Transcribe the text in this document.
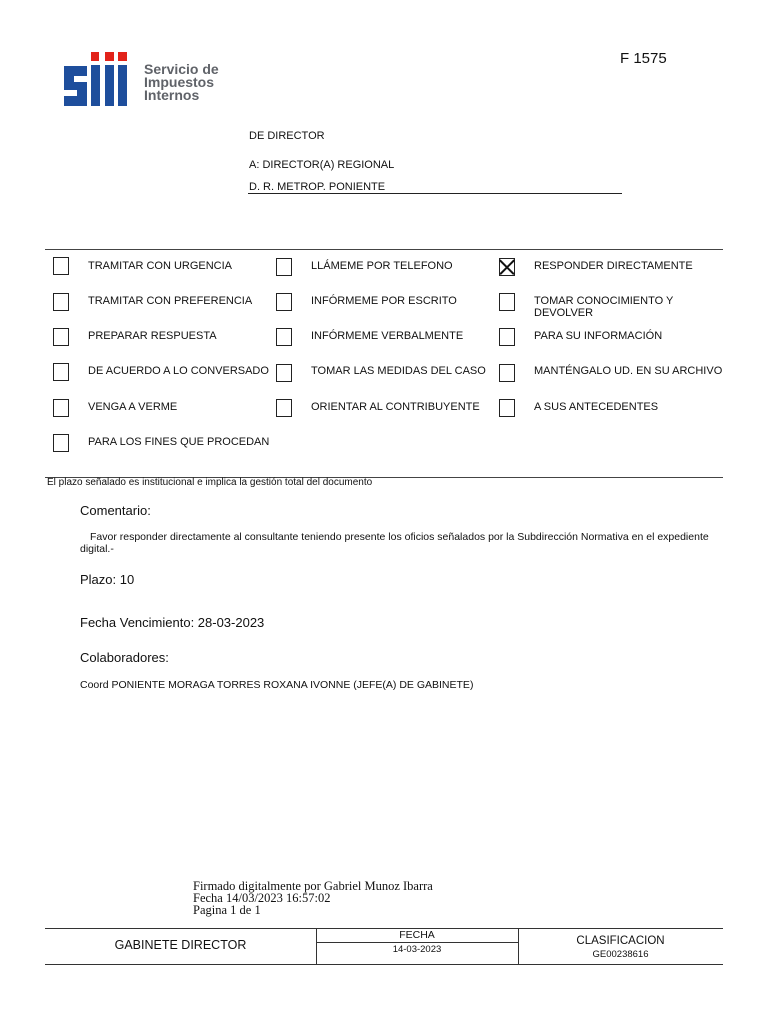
Servicio de
Impuestos
Internos
F 1575
DE DIRECTOR
A: DIRECTOR(A) REGIONAL
D. R. METROP. PONIENTE
TRAMITAR CON URGENCIA
TRAMITAR CON PREFERENCIA
PREPARAR RESPUESTA
DE ACUERDO A LO CONVERSADO
VENGA A VERME
PARA LOS FINES QUE PROCEDAN
LLÁMEME POR TELEFONO
INFÓRMEME POR ESCRITO
INFÓRMEME VERBALMENTE
TOMAR LAS MEDIDAS DEL CASO
ORIENTAR AL CONTRIBUYENTE
RESPONDER DIRECTAMENTE
TOMAR CONOCIMIENTO Y
DEVOLVER
PARA SU INFORMACIÓN
MANTÉNGALO UD. EN SU ARCHIVO
A SUS ANTECEDENTES
El plazo señalado es institucional e implica la gestión total del documento
Comentario:
Favor responder directamente al consultante teniendo presente los oficios señalados por la Subdirección Normativa en el expediente digital.-
Plazo: 10
Fecha Vencimiento: 28-03-2023
Colaboradores:
Coord PONIENTE MORAGA TORRES ROXANA IVONNE (JEFE(A) DE GABINETE)
Firmado digitalmente por Gabriel Munoz Ibarra
Fecha 14/03/2023 16:57:02
Pagina 1 de 1
GABINETE DIRECTOR
FECHA
14-03-2023
CLASIFICACION
GE00238616
